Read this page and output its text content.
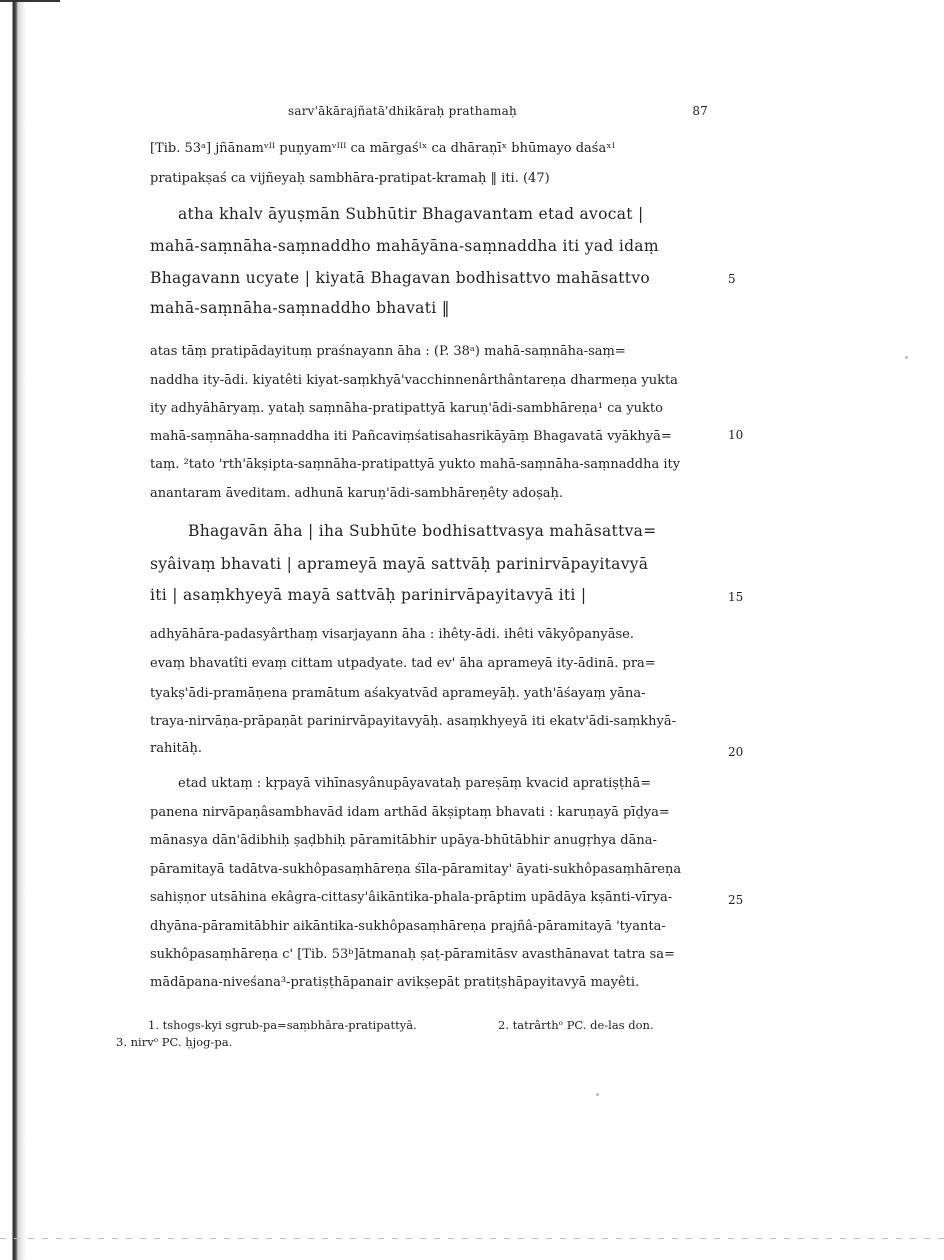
sarv'ākārajñatā'dhikāraḥ prathamaḥ	87
[Tib. 53ᵃ] jñānamᵛᴵᴵ puṇyamᵛᴵᴵᴵ ca mārgaśᴵˣ ca dhāraṇīˣ bhūmayo daśaˣᴵ
pratipakṣaś ca vijñeyaḥ sambhāra-pratipat-kramaḥ ‖ iti. (47)
atha khalv āyuṣmān Subhūtir Bhagavantam etad avocat |
mahā-saṃnāha-saṃnaddho mahāyāna-saṃnaddha iti yad idaṃ
Bhagavann ucyate | kiyatā Bhagavan bodhisattvo mahāsattvo
mahā-saṃnāha-saṃnaddho bhavati ‖
atas tāṃ pratipādayituṃ praśnayann āha : (P. 38ᵃ) mahā-saṃnāha-saṃ=
naddha ity-ādi. kiyatêti kiyat-saṃkhyā'vacchinnenârthântareṇa dharmeṇa yukta
ity adhyāhāryaṃ. yataḥ saṃnāha-pratipattyā karuṇ'ādi-sambhāreṇa¹ ca yukto
mahā-saṃnāha-saṃnaddha iti Pañcaviṃśatisahasrikāyāṃ Bhagavatā vyākhyā=
taṃ. ²tato 'rth'ākṣipta-saṃnāha-pratipattyā yukto mahā-saṃnāha-saṃnaddha ity
anantaram āveditam. adhunā karuṇ'ādi-sambhāreṇêty adoṣaḥ.
Bhagavān āha | iha Subhūte bodhisattvasya mahāsattva=
syâivaṃ bhavati | aprameyā mayā sattvāḥ parinirvāpayitavyā
iti | asaṃkhyeyā mayā sattvāḥ parinirvāpayitavyā iti |
adhyāhāra-padasyârthaṃ visarjayann āha : ihêty-ādi. ihêti vākyôpanyāse.
evaṃ bhavatîti evaṃ cittam utpadyate. tad ev' āha aprameyā ity-ādinā. pra=
tyakṣ'ādi-pramāṇena pramātum aśakyatvād aprameyāḥ. yath'āśayaṃ yāna-
traya-nirvāṇa-prāpaṇāt parinirvāpayitavyāḥ. asaṃkhyeyā iti ekatv'ādi-saṃkhyā-
rahitāḥ.
etad uktaṃ : kṛpayā vihīnasyânupāyavataḥ pareṣāṃ kvacid apratiṣṭhā=
panena nirvāpaṇâsambhavād idam arthād ākṣiptaṃ bhavati : karuṇayā pīḍya=
mānasya dān'ādibhiḥ ṣaḍbhiḥ pāramitābhir upāya-bhūtābhir anugṛhya dāna-
pāramitayā tadātva-sukhôpasaṃhāreṇa śīla-pāramitay' āyati-sukhôpasaṃhāreṇa
sahiṣṇor utsāhina ekâgra-cittasy'âikāntika-phala-prāptim upādāya kṣānti-vīrya-
dhyāna-pāramitābhir aikāntika-sukhôpasaṃhāreṇa prajñâ-pāramitayā 'tyanta-
sukhôpasaṃhāreṇa c' [Tib. 53ᵇ]ātmanaḥ ṣaṭ-pāramitāsv avasthānavat tatra sa=
mādāpana-niveśana³-pratiṣṭhāpanair avikṣepāt pratiṭṣhāpayitavyā mayêti.
5
10
15
20
25
1. tshogs-kyi sgrub-pa=saṃbhāra-pratipattyā.	2. tatrârthᵒ PC. de-las don.
3. nirvᵒ PC. ḥjog-pa.
